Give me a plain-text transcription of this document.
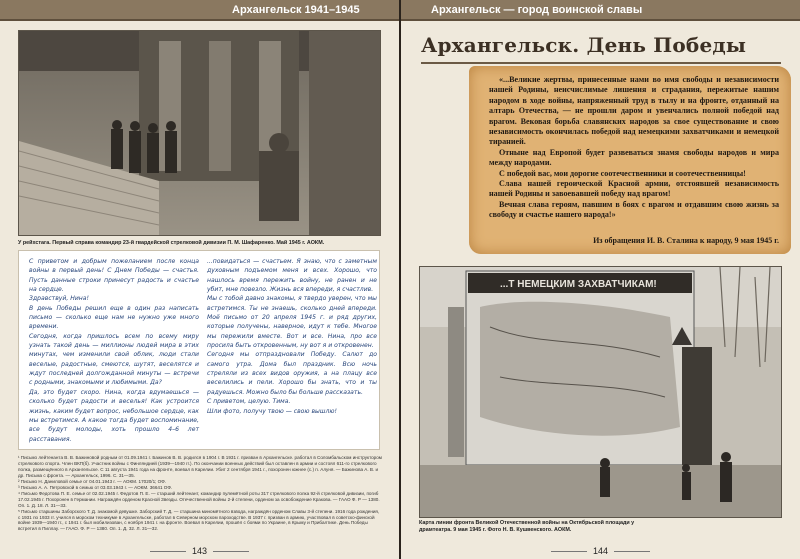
Архангельск 1941–1945
У рейхстага. Первый справа командир 23-й гвардейской стрелковой дивизии П. М. Шафаренко. Май 1945 г. АОКМ.

С приветом и добрым пожеланием после конца войны в первый день! С Днем Победы — счастья. Пусть данные строки принесут радость и счастье на сердце.

Здравствуй, Нина!

В день Победы решил еще в один раз написать письмо — сколько еще нам не нужно уже много времени.

Сегодня, когда пришлось всем по всему миру узнать такой день — миллионы людей мира в этих минутах, чем изменили свой облик, люди стали веселые, радостные, смеются, шутят, веселятся и ждут последней долгожданной минуты — встречи с родными, знакомыми и любимыми. Да?

Да, это будет скоро. Нина, когда вдумаешься — сколько будет радости и веселья! Как устроится жизнь, каким будет вопрос, небольшое сердце, как мы встретимся. А какое тогда будет воспоминание, все будут молоды, хоть прошло 4–6 лет расставания.

...повидаться — счастьем. Я знаю, что с заметным духовным подъемом меня и всех. Хорошо, что нашлось время пережить войну, не ранен и не убит, мне повезло. Жизнь вся впереди, я счастлив.

Мы с тобой давно знакомы, я твердо уверен, что мы встретимся. Ты не знаешь, сколько дней впереди. Моё письмо от 20 апреля 1945 г. и ряд других, которые получены, наверное, идут к тебе. Многое мы пережили вместе. Вот и все. Нина, про все просила быть откровенным, ну вот я и откровенен.

Сегодня мы отпраздновали Победу. Салют до самого утра. Дома был праздник. Всю ночь стреляли из всех видов оружия, а на плацу все веселились и пели. Хорошо бы знать, что и ты радуешься. Можно было бы больше рассказать.

С приветом, целую. Тима.

Шли фото, получу твою — свою вышлю!

¹ Письмо лейтенанта В. В. Бажиновой родным от 01.09.1941 г. Бажинов В. В. родился в 1904 г. В 1931 г. призван в Архангельске. работал в Соломбальском инструктором стрелкового спорта. Член ВКП(б). Участник войны с Финляндией (1939—1940 гг.). По окончании военных действий был оставлен в армии и состоял 611-го стрелкового полка, размещённого в Архангельске. С 11 августа 1941 года на фронте, воевал в Карелии. Убит 2 сентября 1941 г., похоронен южнее (с.) п. Алуня. — Бажинова А. В. и др. Письма с фронта. — Архангельск, 1996. С. 31—35.

² Письмо Н. Даниловой семье от 04.01.1943 г. — АОКМ. 17020/1; ОФ.

³ Письмо А. А. Петровской в семью от 03.03.1943 г. — АОКМ. 36641 ОФ.

⁴ Письмо Федотова П. Е. семье от 02.02.1945 г. Федотов П. Е. — старший лейтенант, командир пулемётной роты 317 стрелкового полка 92-й стрелковой дивизии, погиб 17.02.1945 г. Похоронен в Германии. Награждён орденом Красной Звезды. Отечественной войны 2-й степени, орденом за освобождение Кракова. — ГААО Ф. Р — 1380. Оп. 1. Д. 18. Л. 31—33.

⁵ Письмо старшины Заборского Т. Д. знакомой девушке. Заборский Т. Д. — старшина миномётного взвода, награждён орденом Славы 3-й степени. 1916 года рождения, с 1931 по 1933 гг. учился в морском техникуме в Архангельске, работал в Северном морском пароходстве. В 1937 г. призван в армию, участвовал в советско-финской войне 1939—1940 гг., с 1941 г. был мобилизован, с ноября 1941 г. на фронте. Воевал в Карелии, прошёл с боями по Украине, в Крыму и Прибалтике. День Победы встретил в Пиллау. — ГААО. Ф. Р — 1380. Оп. 1. Д. 32. Л. 31—32.

143
Архангельск — город воинской славы
Архангельск. День Победы

«...Великие жертвы, принесенные нами во имя свободы и независимости нашей Родины, неисчислимые лишения и страдания, пережитые нашим народом в ходе войны, напряженный труд в тылу и на фронте, отданный на алтарь Отечества, — не прошли даром и увенчались полной победой над врагом. Вековая борьба славянских народов за свое существование и свою независимость окончилась победой над немецкими захватчиками и немецкой тиранией.

Отныне над Европой будет развеваться знамя свободы народов и мира между народами.

С победой вас, мои дорогие соотечественники и соотечественницы!

Слава нашей героической Красной армии, отстоявшей независимость нашей Родины и завоевавшей победу над врагом!

Вечная слава героям, павшим в боях с врагом и отдавшим свою жизнь за свободу и счастье нашего народа!»

Из обращения И. В. Сталина к народу, 9 мая 1945 г.
...Т НЕМЕЦКИМ ЗАХВАТЧИКАМ!
Карта линии фронта Великой Отечественной войны на Октябрьской площади у драмтеатра. 9 мая 1945 г. Фото Н. В. Кушвенского. АОКМ.
144
